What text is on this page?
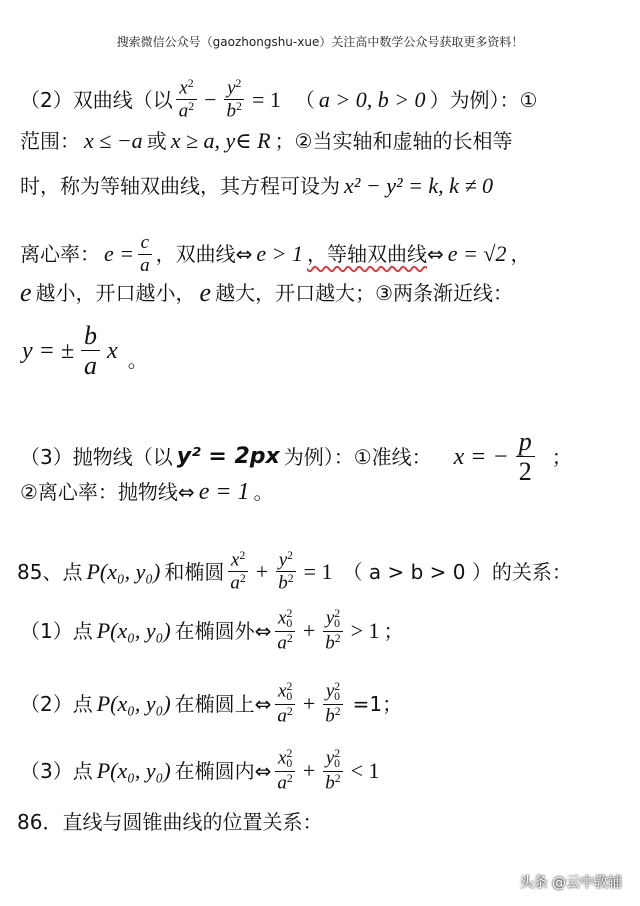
搜索微信公众号（gaozhongshu-xue）关注高中数学公众号获取更多资料！
（2）双曲线（以 $\frac{x^2}{a^2} - \frac{y^2}{b^2} = 1$ （ a > 0, b > 0 ）为例）：①
范围： x ≤ −a 或 x ≥ a, y∈ R ；②当实轴和虚轴的长相等
时，称为等轴双曲线，其方程可设为 x² − y² = k, k ≠ 0
离心率： $e = \frac{c}{a}$ ，双曲线⇔ e > 1 ，等轴双曲线 ⇔ e = √2 ，
e 越小，开口越小， e 越大，开口越大；③两条渐近线：
y = ± $\frac{b}{a}$ x 。
（3）抛物线（以 y² = 2px 为例）：①准线： x = − $\frac{p}{2}$ ；
②离心率：抛物线⇔ e = 1 。
85、点 P(x₀, y₀) 和椭圆 $\frac{x^2}{a^2} + \frac{y^2}{b^2} = 1$ （ a > b > 0 ）的关系：
（1）点 P(x₀, y₀) 在椭圆外⇔ $\frac{x^2_0}{a^2} + \frac{y^2_0}{b^2} > 1$ ；
（2）点 P(x₀, y₀) 在椭圆上⇔ $\frac{x^2_0}{a^2} + \frac{y^2_0}{b^2} =1$；
（3）点 P(x₀, y₀) 在椭圆内⇔ $\frac{x^2_0}{a^2} + \frac{y^2_0}{b^2} < 1$
86．直线与圆锥曲线的位置关系：
头条 @云中教辅
